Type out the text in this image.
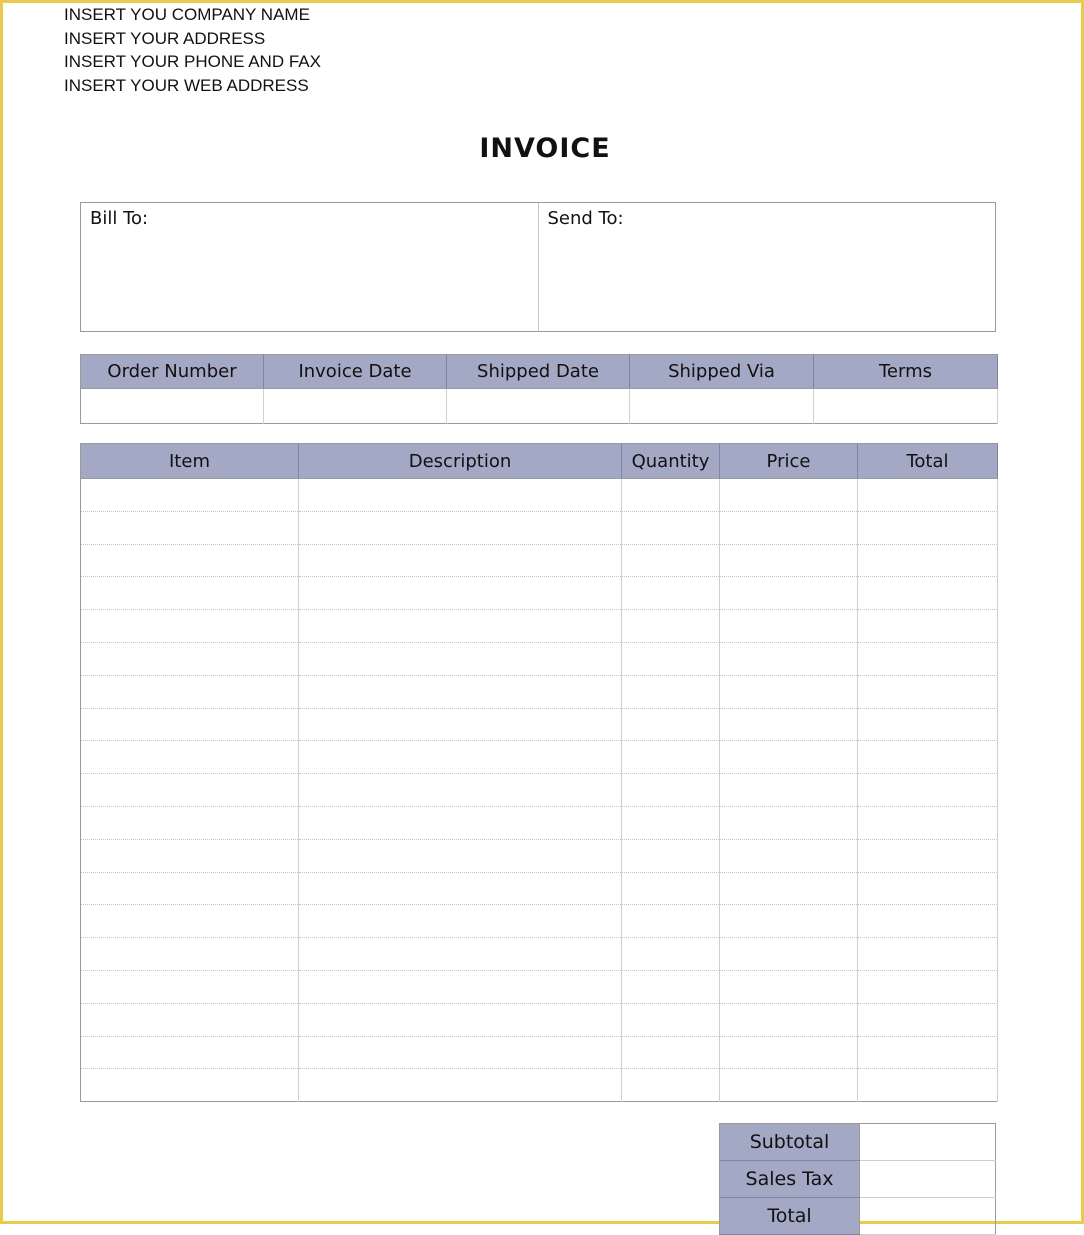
INSERT YOU COMPANY NAME
INSERT YOUR ADDRESS
INSERT YOUR PHONE AND FAX
INSERT YOUR WEB ADDRESS
INVOICE
Bill To:	Send To:
Order Number	Invoice Date	Shipped Date	Shipped Via	Terms

Item	Description	Quantity	Price	Total

Subtotal	
Sales Tax	
Total	
